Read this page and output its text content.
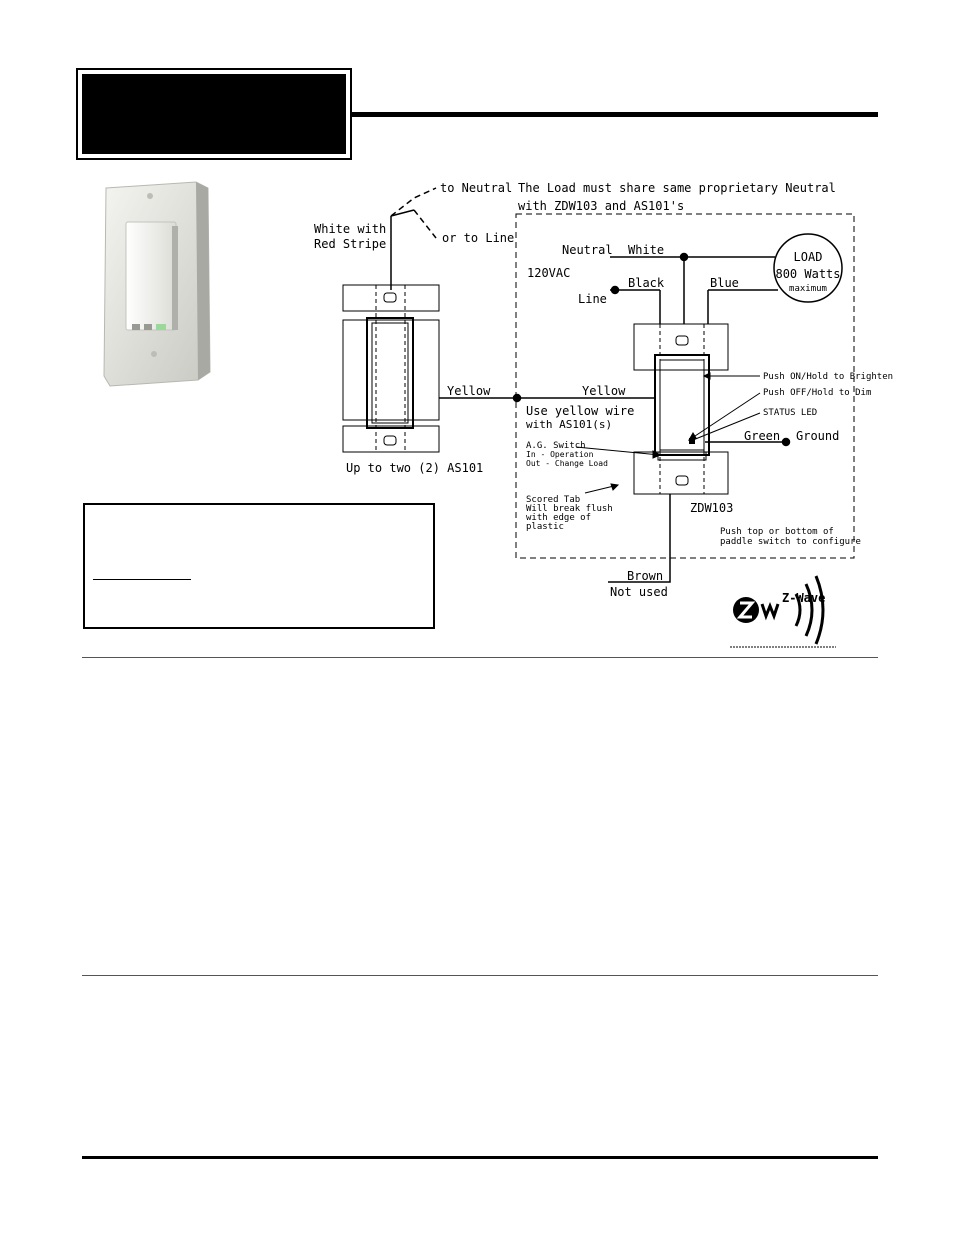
to Neutral
or to Line
The Load must share same proprietary Neutral
with ZDW103 and AS101's
White with
Red Stripe	Neutral White
120VAC
Black
Line
Blue
LOAD
800 Watts
maximum
Yellow	Yellow
Use yellow wire
with AS101(s)
Push ON/Hold to Brighten
Push OFF/Hold to Dim
STATUS LED
Green Ground
A.G. Switch
In - Operation
Out - Change Load
Up to two (2) AS101
Scored Tab
Will break flush
with edge of
plastic
ZDW103
Push top or bottom of
paddle switch to configure
Brown
Not used	Z-Wave
